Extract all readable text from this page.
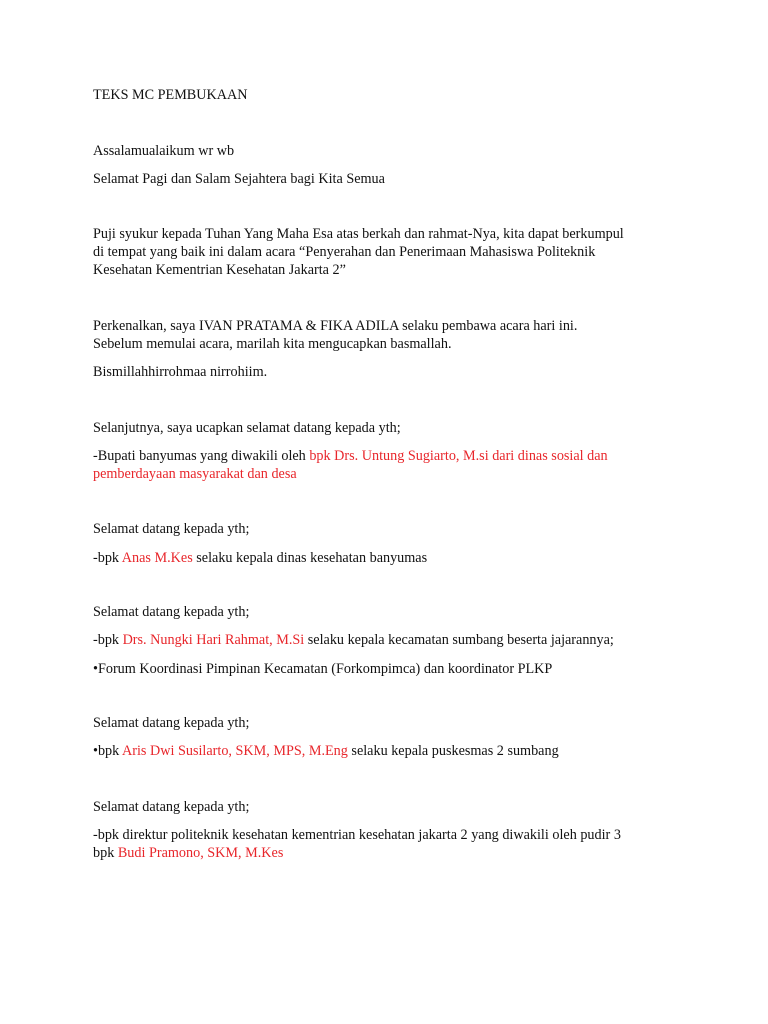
TEKS MC PEMBUKAAN

Assalamualaikum wr wb

Selamat Pagi dan Salam Sejahtera bagi Kita Semua

Puji syukur kepada Tuhan Yang Maha Esa atas berkah dan rahmat-Nya, kita dapat berkumpul

di tempat yang baik ini dalam acara “Penyerahan dan Penerimaan Mahasiswa Politeknik

Kesehatan Kementrian Kesehatan Jakarta 2”

Perkenalkan, saya IVAN PRATAMA & FIKA ADILA selaku pembawa acara hari ini.

Sebelum memulai acara, marilah kita mengucapkan basmallah.

Bismillahhirrohmaa nirrohiim.

Selanjutnya, saya ucapkan selamat datang kepada yth;

-Bupati banyumas yang diwakili oleh bpk Drs. Untung Sugiarto, M.si dari dinas sosial dan

pemberdayaan masyarakat dan desa

Selamat datang kepada yth;

-bpk Anas M.Kes selaku kepala dinas kesehatan banyumas

Selamat datang kepada yth;

-bpk Drs. Nungki Hari Rahmat, M.Si selaku kepala kecamatan sumbang beserta jajarannya;

•Forum Koordinasi Pimpinan Kecamatan (Forkompimca) dan koordinator PLKP

Selamat datang kepada yth;

•bpk Aris Dwi Susilarto, SKM, MPS, M.Eng selaku kepala puskesmas 2 sumbang

Selamat datang kepada yth;

-bpk direktur politeknik kesehatan kementrian kesehatan jakarta 2 yang diwakili oleh pudir 3

bpk Budi Pramono, SKM, M.Kes
